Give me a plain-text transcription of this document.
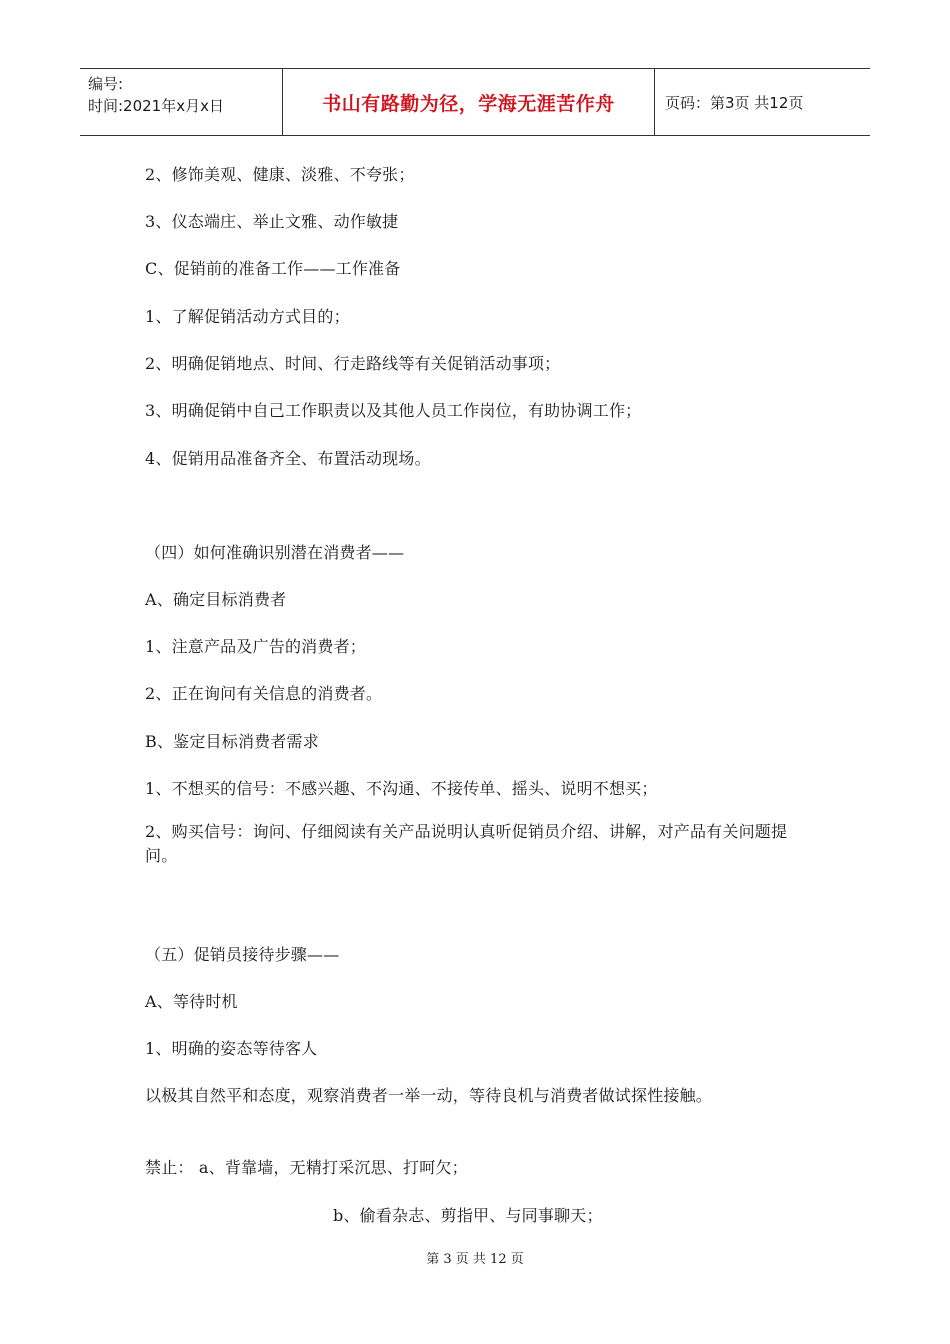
编号:
时间:2021年x月x日	书山有路勤为径，学海无涯苦作舟	页码：第3页 共12页
2、修饰美观、健康、淡雅、不夸张；
3、仪态端庄、举止文雅、动作敏捷
C、促销前的准备工作——工作准备
1、了解促销活动方式目的；
2、明确促销地点、时间、行走路线等有关促销活动事项；
3、明确促销中自己工作职责以及其他人员工作岗位，有助协调工作；
4、促销用品准备齐全、布置活动现场。
（四）如何准确识别潜在消费者——
A、确定目标消费者
1、注意产品及广告的消费者；
2、正在询问有关信息的消费者。
B、鉴定目标消费者需求
1、不想买的信号：不感兴趣、不沟通、不接传单、摇头、说明不想买；
2、购买信号：询问、仔细阅读有关产品说明认真听促销员介绍、讲解，对产品有关问题提问。
（五）促销员接待步骤——
A、等待时机
1、明确的姿态等待客人
以极其自然平和态度，观察消费者一举一动，等待良机与消费者做试探性接触。
禁止： a、背靠墙，无精打采沉思、打呵欠；
b、偷看杂志、剪指甲、与同事聊天；
第 3 页 共 12 页
